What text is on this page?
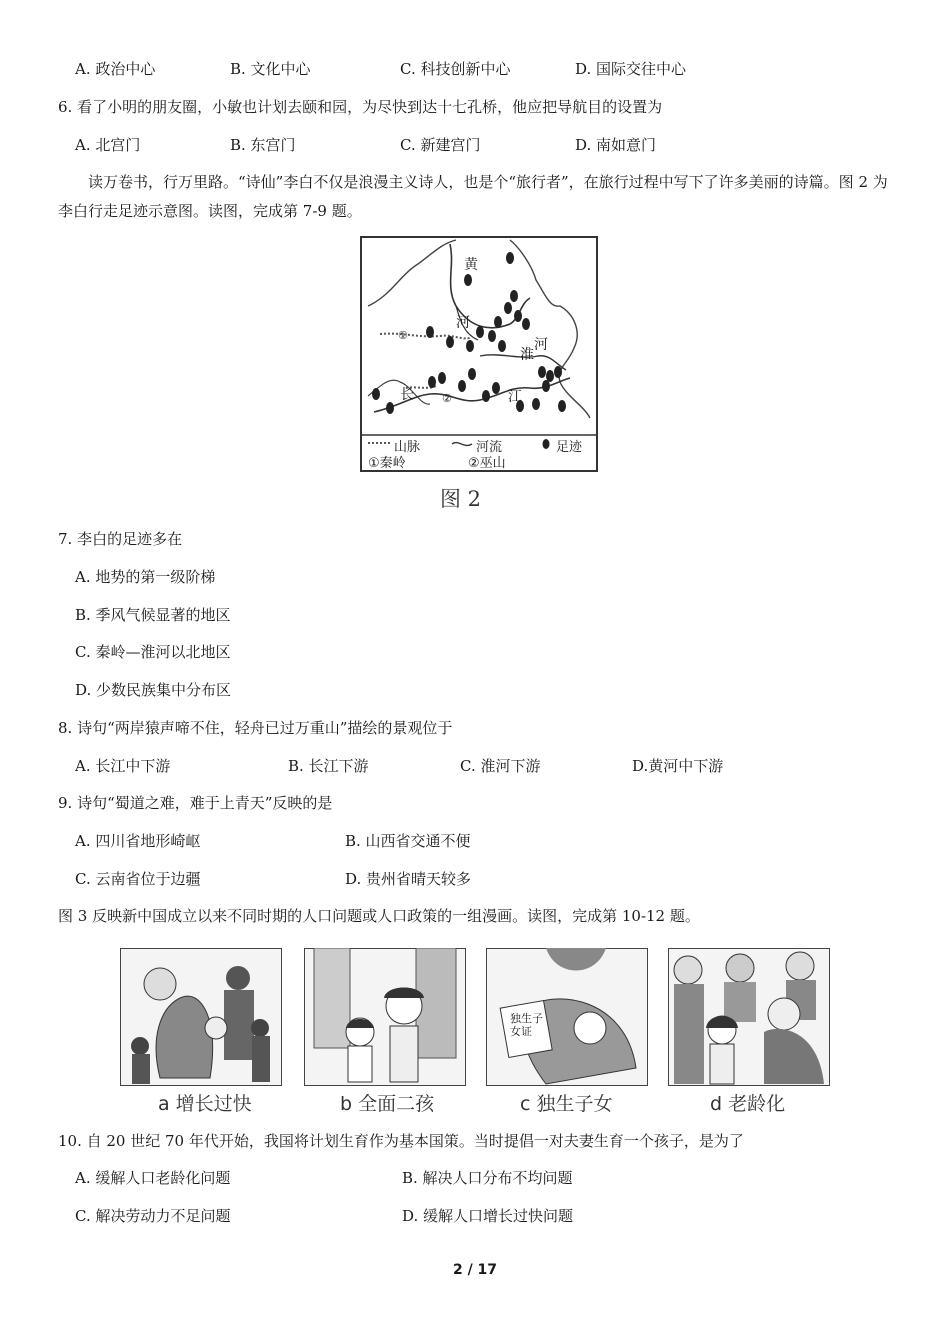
A. 政治中心	B. 文化中心	C. 科技创新中心	D. 国际交往中心
6. 看了小明的朋友圈，小敏也计划去颐和园，为尽快到达十七孔桥，他应把导航目的设置为
A. 北宫门	B. 东宫门	C. 新建宫门	D. 南如意门
读万卷书，行万里路。“诗仙”李白不仅是浪漫主义诗人，也是个“旅行者”，在旅行过程中写下了许多美丽的诗篇。图 2 为李白行走足迹示意图。读图，完成第 7-9 题。
黄
河
淮
河
长	江
①
②
山脉	河流	足迹
①秦岭	②巫山
图 2
7. 李白的足迹多在
A. 地势的第一级阶梯
B. 季风气候显著的地区
C. 秦岭—淮河以北地区
D. 少数民族集中分布区
8. 诗句“两岸猿声啼不住，轻舟已过万重山”描绘的景观位于
A. 长江中下游	B. 长江下游	C. 淮河下游	D.黄河中下游
9. 诗句“蜀道之难，难于上青天”反映的是
A. 四川省地形崎岖	B. 山西省交通不便
C. 云南省位于边疆	D. 贵州省晴天较多
图 3 反映新中国成立以来不同时期的人口问题或人口政策的一组漫画。读图，完成第 10-12 题。
a 增长过快	b 全面二孩
独生子女证
c 独生子女	d 老龄化
10. 自 20 世纪 70 年代开始，我国将计划生育作为基本国策。当时提倡一对夫妻生育一个孩子，是为了
A. 缓解人口老龄化问题	B. 解决人口分布不均问题
C. 解决劳动力不足问题	D. 缓解人口增长过快问题
2 / 17
